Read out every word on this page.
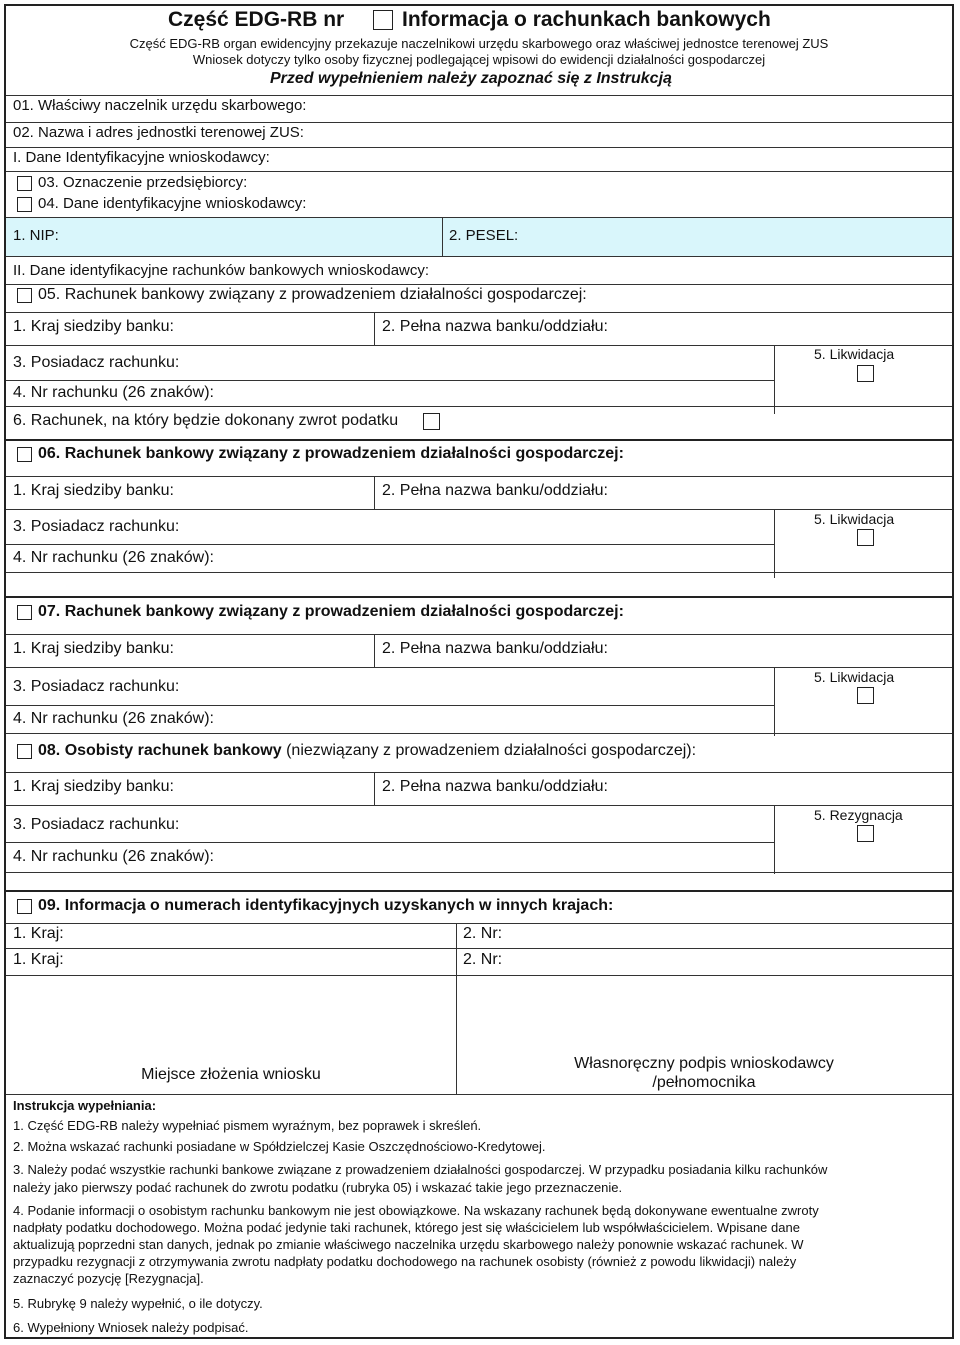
Część EDG-RB nr	Informacja o rachunkach bankowych
Część EDG-RB organ ewidencyjny przekazuje naczelnikowi urzędu skarbowego oraz właściwej jednostce terenowej ZUS
Wniosek dotyczy tylko osoby fizycznej podlegającej wpisowi do ewidencji działalności gospodarczej
Przed wypełnieniem należy zapoznać się z Instrukcją
01. Właściwy naczelnik urzędu skarbowego:
02. Nazwa i adres jednostki terenowej ZUS:
I. Dane Identyfikacyjne wnioskodawcy:
03. Oznaczenie przedsiębiorcy:
04. Dane identyfikacyjne wnioskodawcy:
1. NIP:	2. PESEL:
II. Dane identyfikacyjne rachunków bankowych wnioskodawcy:
05. Rachunek bankowy związany z prowadzeniem działalności gospodarczej:
1. Kraj siedziby banku:	2. Pełna nazwa banku/oddziału:
3. Posiadacz rachunku:	5. Likwidacja
4. Nr rachunku (26 znaków):
6. Rachunek, na który będzie dokonany zwrot podatku
06. Rachunek bankowy związany z prowadzeniem działalności gospodarczej:
1. Kraj siedziby banku:	2. Pełna nazwa banku/oddziału:
3. Posiadacz rachunku:	5. Likwidacja
4. Nr rachunku (26 znaków):
07. Rachunek bankowy związany z prowadzeniem działalności gospodarczej:
1. Kraj siedziby banku:	2. Pełna nazwa banku/oddziału:
3. Posiadacz rachunku:
5. Likwidacja
4. Nr rachunku (26 znaków):
08. Osobisty rachunek bankowy (niezwiązany z prowadzeniem działalności gospodarczej):
1. Kraj siedziby banku:	2. Pełna nazwa banku/oddziału:
3. Posiadacz rachunku:
5. Rezygnacja
4. Nr rachunku (26 znaków):
09. Informacja o numerach identyfikacyjnych uzyskanych w innych krajach:
1. Kraj:	2. Nr:
1. Kraj:	2. Nr:
Miejsce złożenia wniosku
Własnoręczny podpis wnioskodawcy
/pełnomocnika
Instrukcja wypełniania:
1. Część EDG-RB należy wypełniać pismem wyraźnym, bez poprawek i skreśleń.
2. Można wskazać rachunki posiadane w Spółdzielczej Kasie Oszczędnościowo-Kredytowej.
3. Należy podać wszystkie rachunki bankowe związane z prowadzeniem działalności gospodarczej. W przypadku posiadania kilku rachunków
należy jako pierwszy podać rachunek do zwrotu podatku (rubryka 05) i wskazać takie jego przeznaczenie.
4. Podanie informacji o osobistym rachunku bankowym nie jest obowiązkowe. Na wskazany rachunek będą dokonywane ewentualne zwroty
nadpłaty podatku dochodowego. Można podać jedynie taki rachunek, którego jest się właścicielem lub współwłaścicielem. Wpisane dane
aktualizują poprzedni stan danych, jednak po zmianie właściwego naczelnika urzędu skarbowego należy ponownie wskazać rachunek. W
przypadku rezygnacji z otrzymywania zwrotu nadpłaty podatku dochodowego na rachunek osobisty (również z powodu likwidacji) należy
zaznaczyć pozycję [Rezygnacja].
5. Rubrykę 9 należy wypełnić, o ile dotyczy.
6. Wypełniony Wniosek należy podpisać.
